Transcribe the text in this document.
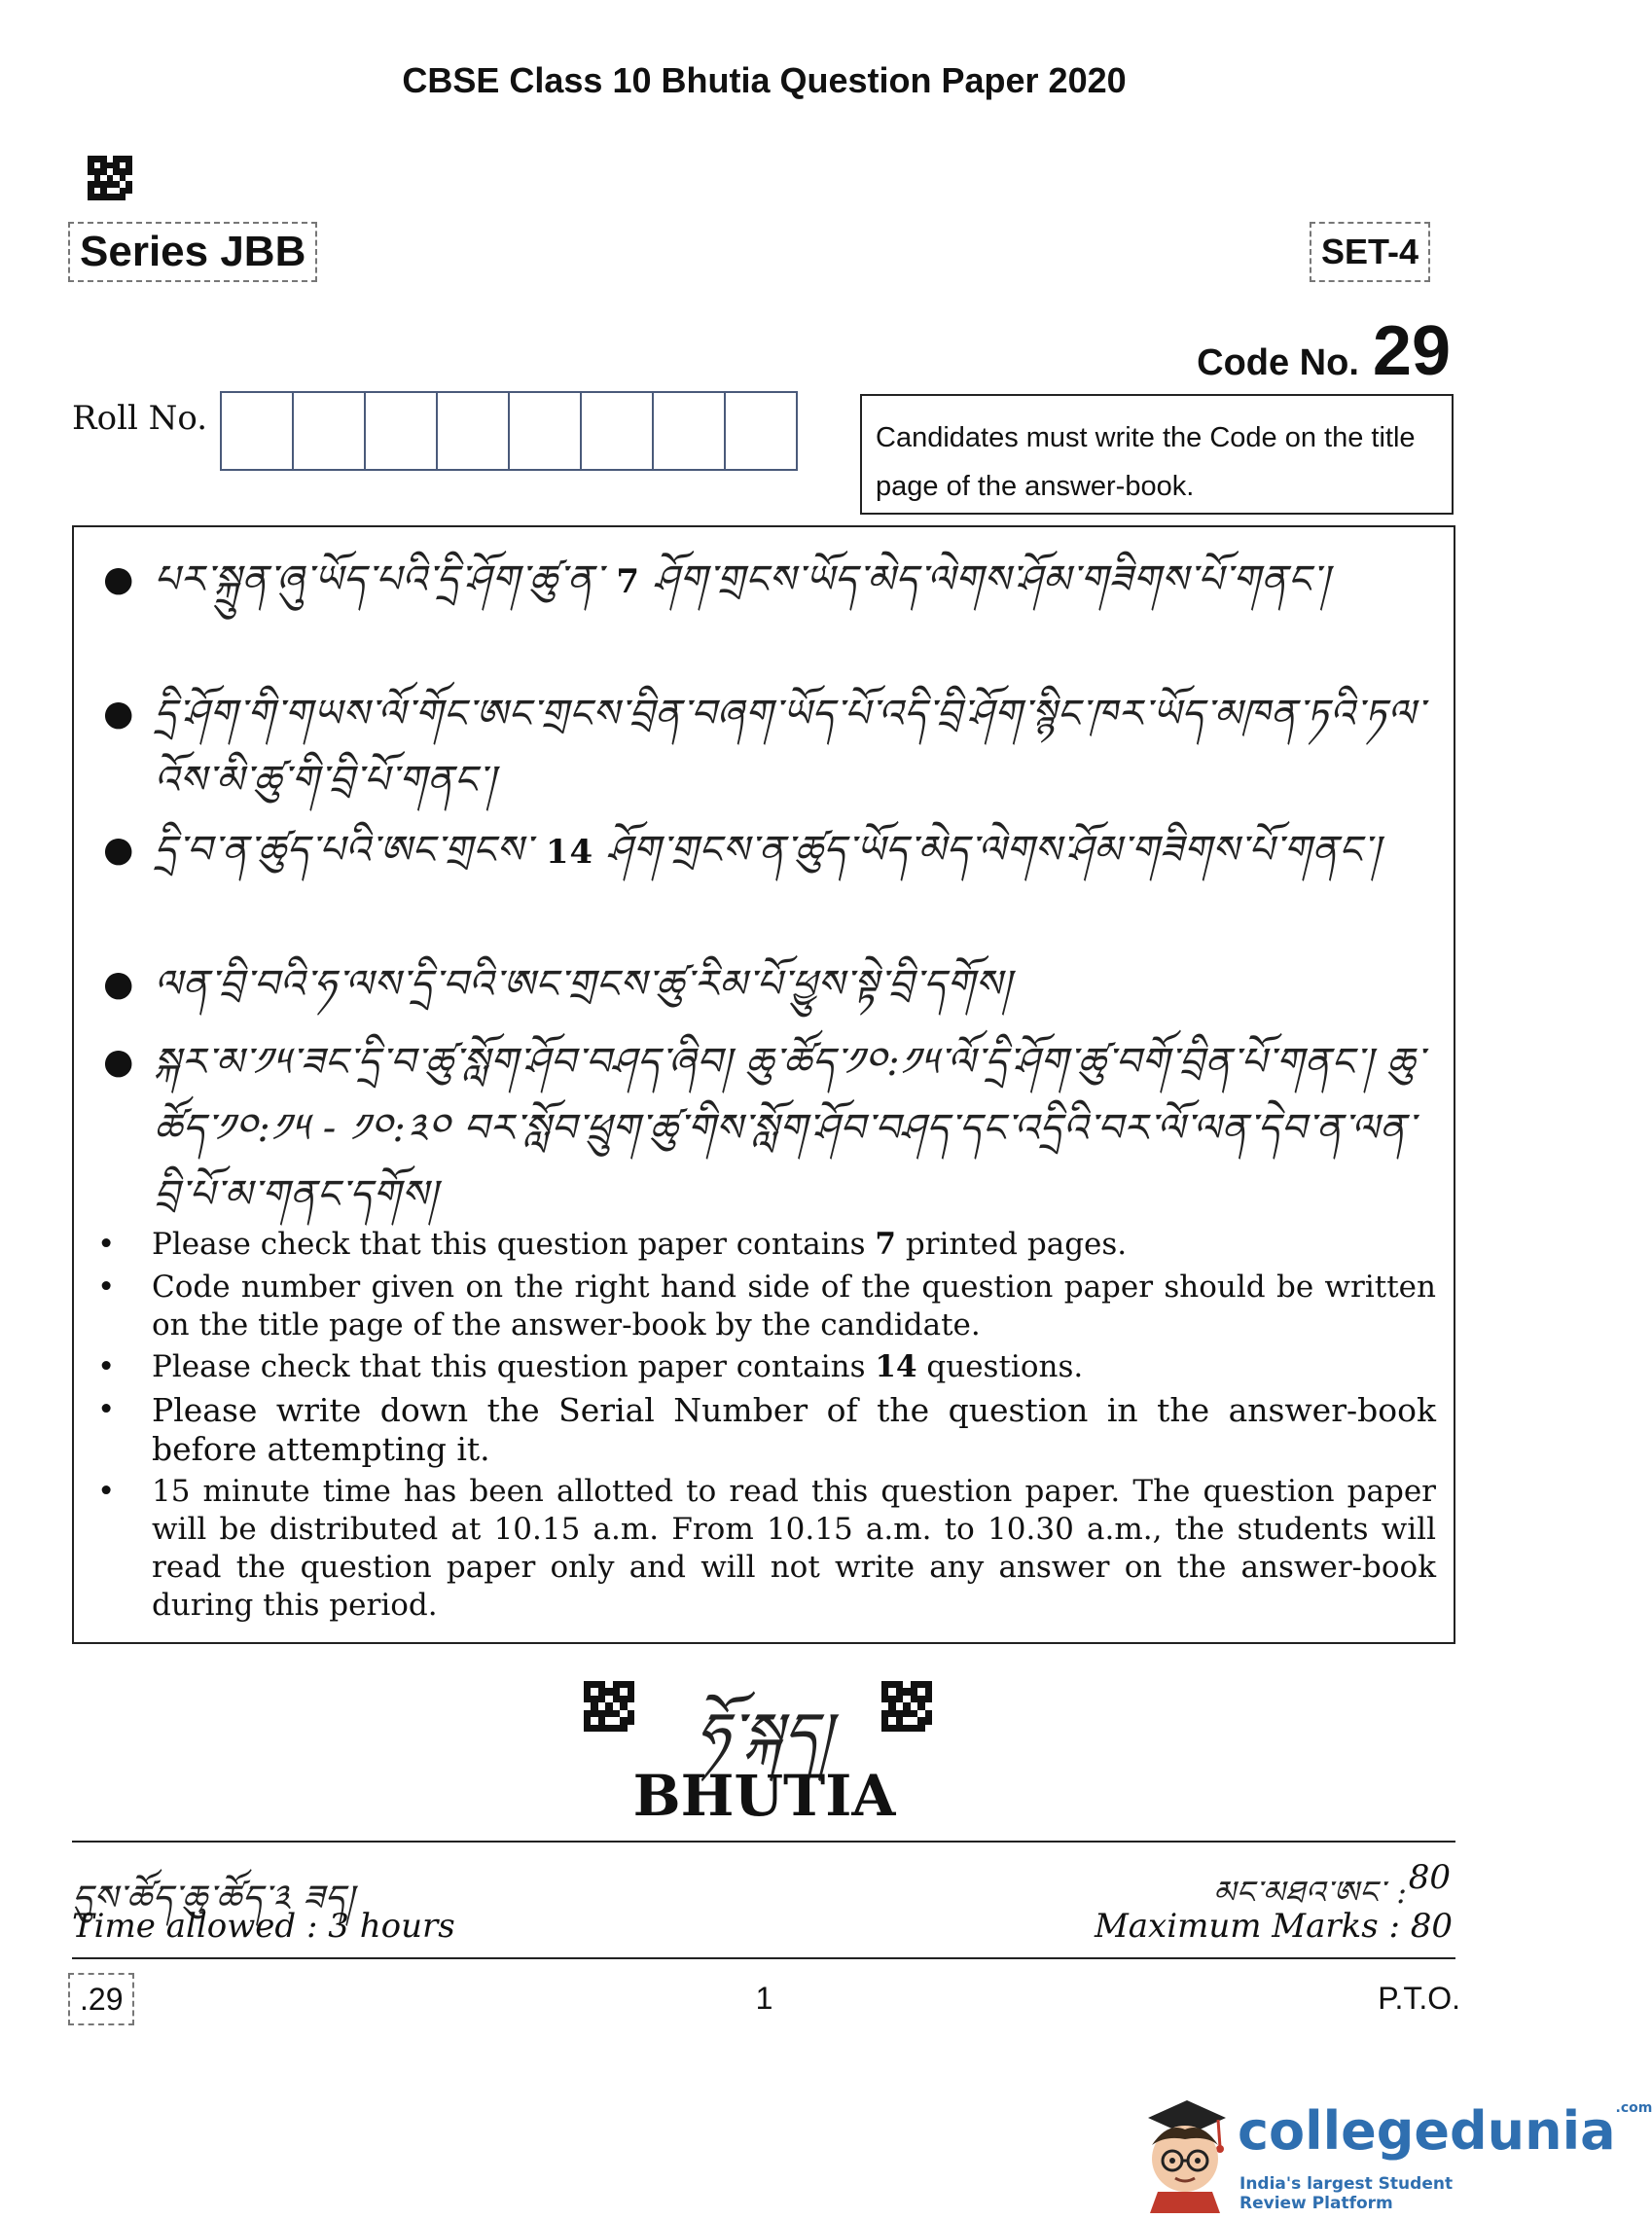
CBSE Class 10 Bhutia Question Paper 2020
Series JBB	SET-4
Code No. 29
Roll No.	Candidates must write the Code on the title page of the answer-book.
● པར་སྐྲུན་ཞུ་ཡོད་པའི་དྲི་ཤོག་ཚུ་ན་ 7 ཤོག་གྲངས་ཡོད་མེད་ལེགས་ཤོམ་གཟིགས་པོ་གནང་།
● དྲི་ཤོག་གི་གཡས་ལོ་གོང་ཨང་གྲངས་བྲིན་བཞག་ཡོད་པོ་འདི་བྲི་ཤོག་སྙིང་ཁར་ཡོད་མཁན་ཏའི་ཏལ་འོས་མི་ཚུ་གི་བྲི་པོ་གནང་།
● དྲི་བ་ན་ཚུད་པའི་ཨང་གྲངས་ 14 ཤོག་གྲངས་ན་ཚུད་ཡོད་མེད་ལེགས་ཤོམ་གཟིགས་པོ་གནང་།
● ལན་བྲི་བའི་ཧ་ལས་དྲི་བའི་ཨང་གྲངས་ཚུ་རིམ་པོ་ཕྱུས་སྟེ་བྲི་དགོས།
● སྐར་མ་༡༥་ཟང་དྲི་བ་ཚུ་སློག་ཤོབ་བཤད་ཞིབ། ཆུ་ཚོད་༡༠:༡༥་ལོ་དྲི་ཤོག་ཚུ་བགོ་བྲིན་པོ་གནང་། ཆུ་ཚོད་༡༠:༡༥ - ༡༠:༣༠ བར་སློབ་ཕྲུག་ཚུ་གིས་སློག་ཤོབ་བཤད་དང་འདྲིའི་བར་ལོ་ལན་དེབ་ན་ལན་བྲི་པོ་མ་གནང་དགོས།
• Please check that this question paper contains 7 printed pages.
• Code number given on the right hand side of the question paper should be written on the title page of the answer-book by the candidate.
• Please check that this question paper contains 14 questions.
• Please write down the Serial Number of the question in the answer-book before attempting it.
• 15 minute time has been allotted to read this question paper. The question paper will be distributed at 10.15 a.m. From 10.15 a.m. to 10.30 a.m., the students will read the question paper only and will not write any answer on the answer-book during this period.
ཧོ་སྐད།
BHUTIA
དུས་ཚོད་ཆུ་ཚོད་༣ ཟད།	མང་མཐའ་ཨང་ : 80
Time allowed : 3 hours	Maximum Marks : 80
.29	1	P.T.O.
collegedunia$^{.com}$
India's largest Student Review Platform
